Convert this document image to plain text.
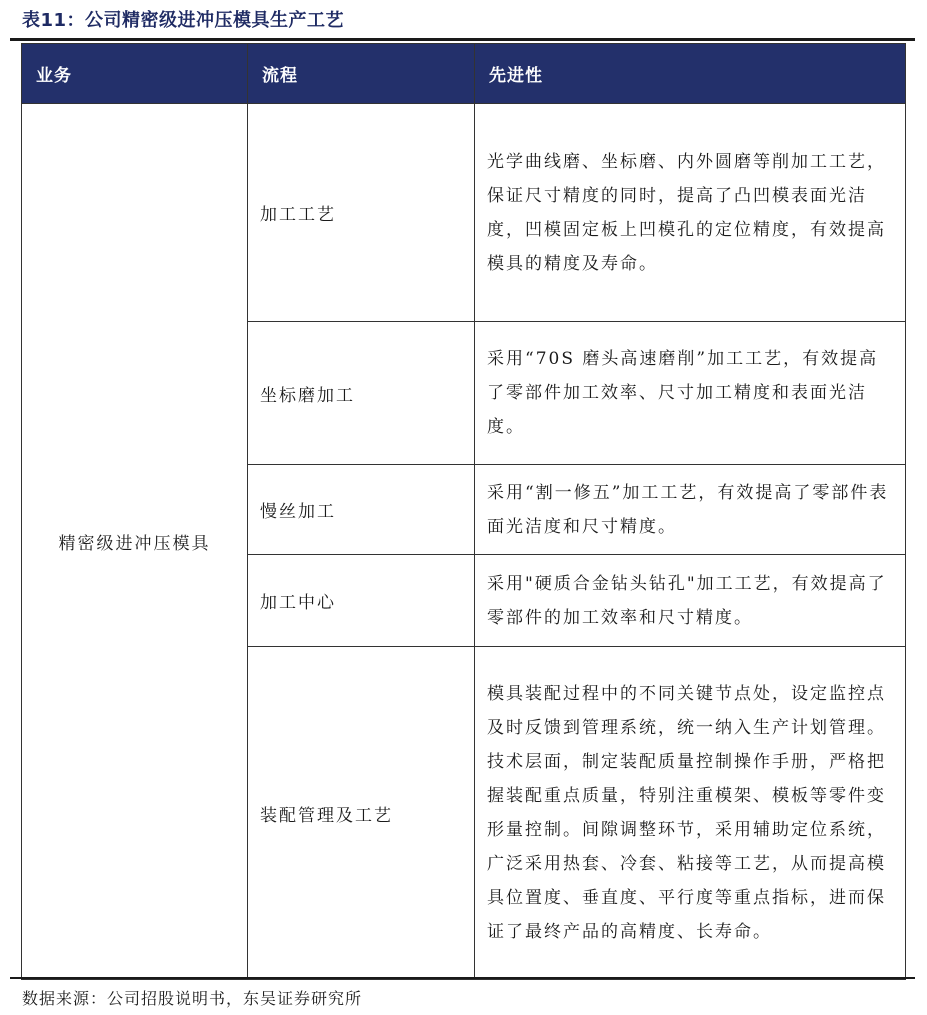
表11：公司精密级进冲压模具生产工艺
业务	流程	先进性
精密级进冲压模具	加工工艺	光学曲线磨、坐标磨、内外圆磨等削加工工艺，保证尺寸精度的同时，提高了凸凹模表面光洁度，凹模固定板上凹模孔的定位精度，有效提高模具的精度及寿命。
	坐标磨加工	采用“70S 磨头高速磨削”加工工艺，有效提高了零部件加工效率、尺寸加工精度和表面光洁度。
	慢丝加工	采用“割一修五”加工工艺，有效提高了零部件表面光洁度和尺寸精度。
	加工中心	采用"硬质合金钻头钻孔"加工工艺，有效提高了零部件的加工效率和尺寸精度。
	装配管理及工艺	模具装配过程中的不同关键节点处，设定监控点及时反馈到管理系统，统一纳入生产计划管理。技术层面，制定装配质量控制操作手册，严格把握装配重点质量，特别注重模架、模板等零件变形量控制。间隙调整环节，采用辅助定位系统，广泛采用热套、冷套、粘接等工艺，从而提高模具位置度、垂直度、平行度等重点指标，进而保证了最终产品的高精度、长寿命。
数据来源：公司招股说明书，东吴证券研究所
